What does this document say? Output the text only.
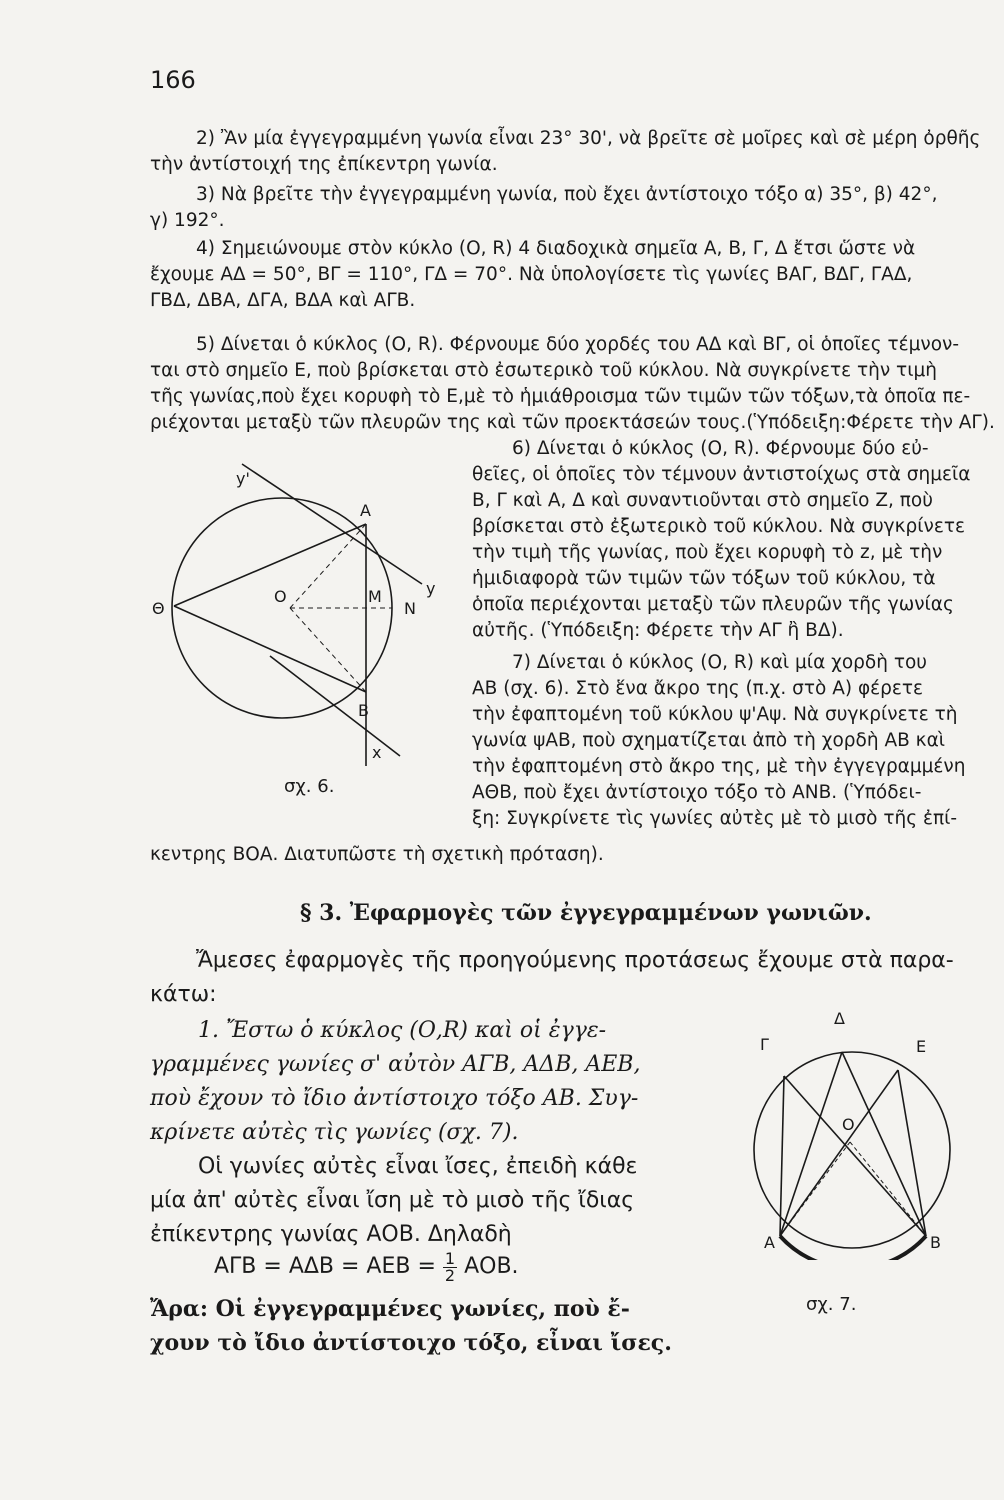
166
2) Ἂν μία ἐγγεγραμμένη γωνία εἶναι 23° 30', νὰ βρεῖτε σὲ μοῖρες καὶ σὲ μέρη ὀρθῆς
τὴν ἀντίστοιχή της ἐπίκεντρη γωνία.
3) Νὰ βρεῖτε τὴν ἐγγεγραμμένη γωνία, ποὺ ἔχει ἀντίστοιχο τόξο α) 35°, β) 42°,
γ) 192°.
4) Σημειώνουμε στὸν κύκλο (Ο, R) 4 διαδοχικὰ σημεῖα Α, Β, Γ, Δ ἔτσι ὥστε νὰ
ἔχουμε ΑΔ = 50°, ΒΓ = 110°, ΓΔ = 70°. Νὰ ὑπολογίσετε τὶς γωνίες ΒΑΓ, ΒΔΓ, ΓΑΔ,
ΓΒΔ, ΔΒΑ, ΔΓΑ, ΒΔΑ καὶ ΑΓΒ.
5) Δίνεται ὁ κύκλος (Ο, R). Φέρνουμε δύο χορδές του ΑΔ καὶ ΒΓ, οἱ ὁποῖες τέμνον-
ται στὸ σημεῖο Ε, ποὺ βρίσκεται στὸ ἐσωτερικὸ τοῦ κύκλου. Νὰ συγκρίνετε τὴν τιμὴ
τῆς γωνίας,ποὺ ἔχει κορυφὴ τὸ Ε,μὲ τὸ ἡμιάθροισμα τῶν τιμῶν τῶν τόξων,τὰ ὁποῖα πε-
ριέχονται μεταξὺ τῶν πλευρῶν της καὶ τῶν προεκτάσεών τους.(Ὑπόδειξη:Φέρετε τὴν ΑΓ).
6) Δίνεται ὁ κύκλος (Ο, R). Φέρνουμε δύο εὐ-
θεῖες, οἱ ὁποῖες τὸν τέμνουν ἀντιστοίχως στὰ σημεῖα
Β, Γ καὶ Α, Δ καὶ συναντιοῦνται στὸ σημεῖο Ζ, ποὺ
βρίσκεται στὸ ἐξωτερικὸ τοῦ κύκλου. Νὰ συγκρίνετε
τὴν τιμὴ τῆς γωνίας, ποὺ ἔχει κορυφὴ τὸ z, μὲ τὴν
ἡμιδιαφορὰ τῶν τιμῶν τῶν τόξων τοῦ κύκλου, τὰ
ὁποῖα περιέχονται μεταξὺ τῶν πλευρῶν τῆς γωνίας
αὐτῆς. (Ὑπόδειξη: Φέρετε τὴν ΑΓ ἢ ΒΔ).
7) Δίνεται ὁ κύκλος (Ο, R) καὶ μία χορδὴ του
ΑΒ (σχ. 6). Στὸ ἕνα ἄκρο της (π.χ. στὸ Α) φέρετε
τὴν ἐφαπτομένη τοῦ κύκλου ψ'Αψ. Νὰ συγκρίνετε τὴ
γωνία ψΑΒ, ποὺ σχηματίζεται ἀπὸ τὴ χορδὴ ΑΒ καὶ
τὴν ἐφαπτομένη στὸ ἄκρο της, μὲ τὴν ἐγγεγραμμένη
ΑΘΒ, ποὺ ἔχει ἀντίστοιχο τόξο τὸ ΑΝΒ. (Ὑπόδει-
ξη: Συγκρίνετε τὶς γωνίες αὐτὲς μὲ τὸ μισὸ τῆς ἐπί-
κεντρης ΒΟΑ. Διατυπῶστε τὴ σχετικὴ πρόταση).
y'
A
Θ
O	M
N
y
B
x
σχ. 6.
§ 3. Ἐφαρμογὲς τῶν ἐγγεγραμμένων γωνιῶν.
Ἄμεσες ἐφαρμογὲς τῆς προηγούμενης προτάσεως ἔχουμε στὰ παρα-
κάτω:
1. Ἔστω ὁ κύκλος (Ο,R) καὶ οἱ ἐγγε-
γραμμένες γωνίες σ' αὐτὸν ΑΓΒ, ΑΔΒ, ΑΕΒ,
ποὺ ἔχουν τὸ ἴδιο ἀντίστοιχο τόξο ΑΒ. Συγ-
κρίνετε αὐτὲς τὶς γωνίες (σχ. 7).
Οἱ γωνίες αὐτὲς εἶναι ἴσες, ἐπειδὴ κάθε
μία ἀπ' αὐτὲς εἶναι ἴση μὲ τὸ μισὸ τῆς ἴδιας
ἐπίκεντρης γωνίας ΑΟΒ. Δηλαδὴ
$A\Gamma B = A\Delta B = AEB = \frac{1}{2} AOB$.
Ἄρα: Οἱ ἐγγεγραμμένες γωνίες, ποὺ ἔ-
χουν τὸ ἴδιο ἀντίστοιχο τόξο, εἶναι ἴσες.
Δ
Γ	E
O
A	B
σχ. 7.
